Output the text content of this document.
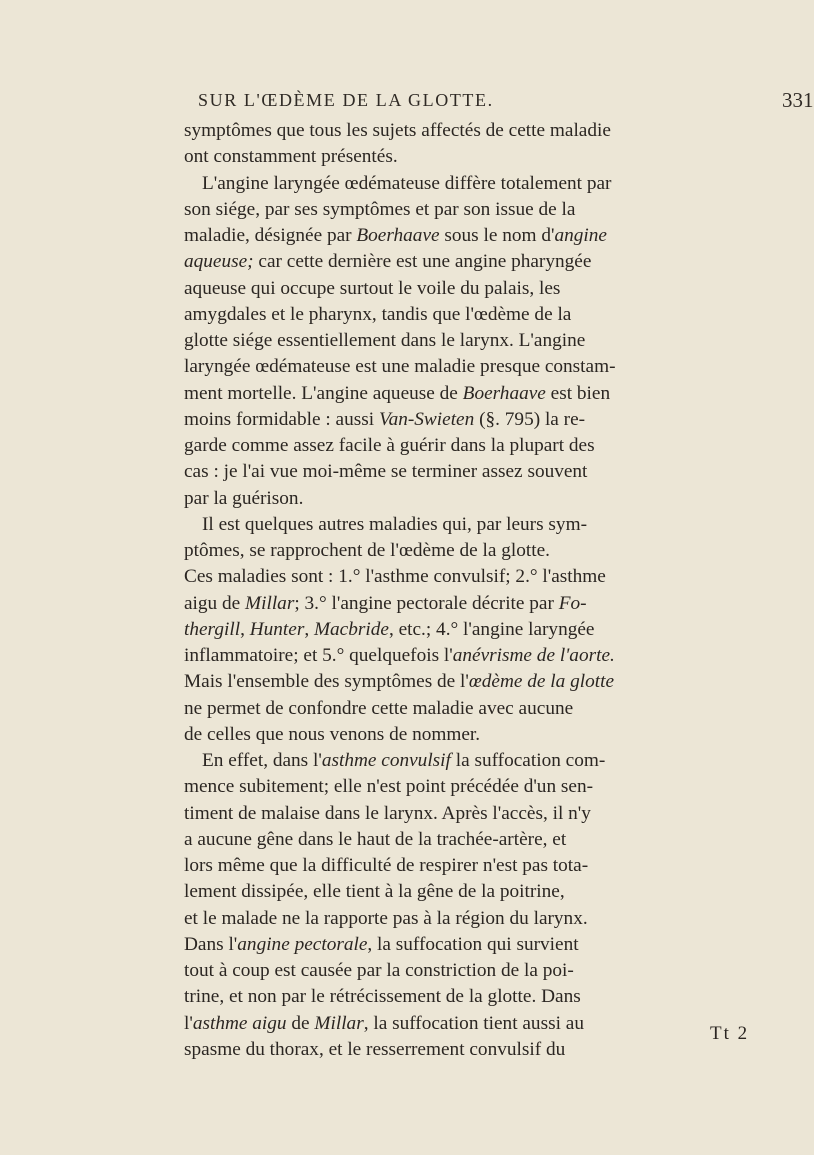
SUR L'ŒDÈME DE LA GLOTTE.	331
symptômes que tous les sujets affectés de cette maladie
ont constamment présentés.
L'angine laryngée œdémateuse diffère totalement par
son siége, par ses symptômes et par son issue de la
maladie, désignée par Boerhaave sous le nom d'angine
aqueuse; car cette dernière est une angine pharyngée
aqueuse qui occupe surtout le voile du palais, les
amygdales et le pharynx, tandis que l'œdème de la
glotte siége essentiellement dans le larynx. L'angine
laryngée œdémateuse est une maladie presque constam-
ment mortelle. L'angine aqueuse de Boerhaave est bien
moins formidable : aussi Van-Swieten (§. 795) la re-
garde comme assez facile à guérir dans la plupart des
cas : je l'ai vue moi-même se terminer assez souvent
par la guérison.
Il est quelques autres maladies qui, par leurs sym-
ptômes, se rapprochent de l'œdème de la glotte.
Ces maladies sont : 1.° l'asthme convulsif; 2.° l'asthme
aigu de Millar; 3.° l'angine pectorale décrite par Fo-
thergill, Hunter, Macbride, etc.; 4.° l'angine laryngée
inflammatoire; et 5.° quelquefois l'anévrisme de l'aorte.
Mais l'ensemble des symptômes de l'œdème de la glotte
ne permet de confondre cette maladie avec aucune
de celles que nous venons de nommer.
En effet, dans l'asthme convulsif la suffocation com-
mence subitement; elle n'est point précédée d'un sen-
timent de malaise dans le larynx. Après l'accès, il n'y
a aucune gêne dans le haut de la trachée-artère, et
lors même que la difficulté de respirer n'est pas tota-
lement dissipée, elle tient à la gêne de la poitrine,
et le malade ne la rapporte pas à la région du larynx.
Dans l'angine pectorale, la suffocation qui survient
tout à coup est causée par la constriction de la poi-
trine, et non par le rétrécissement de la glotte. Dans
l'asthme aigu de Millar, la suffocation tient aussi au
spasme du thorax, et le resserrement convulsif du
Tt 2
